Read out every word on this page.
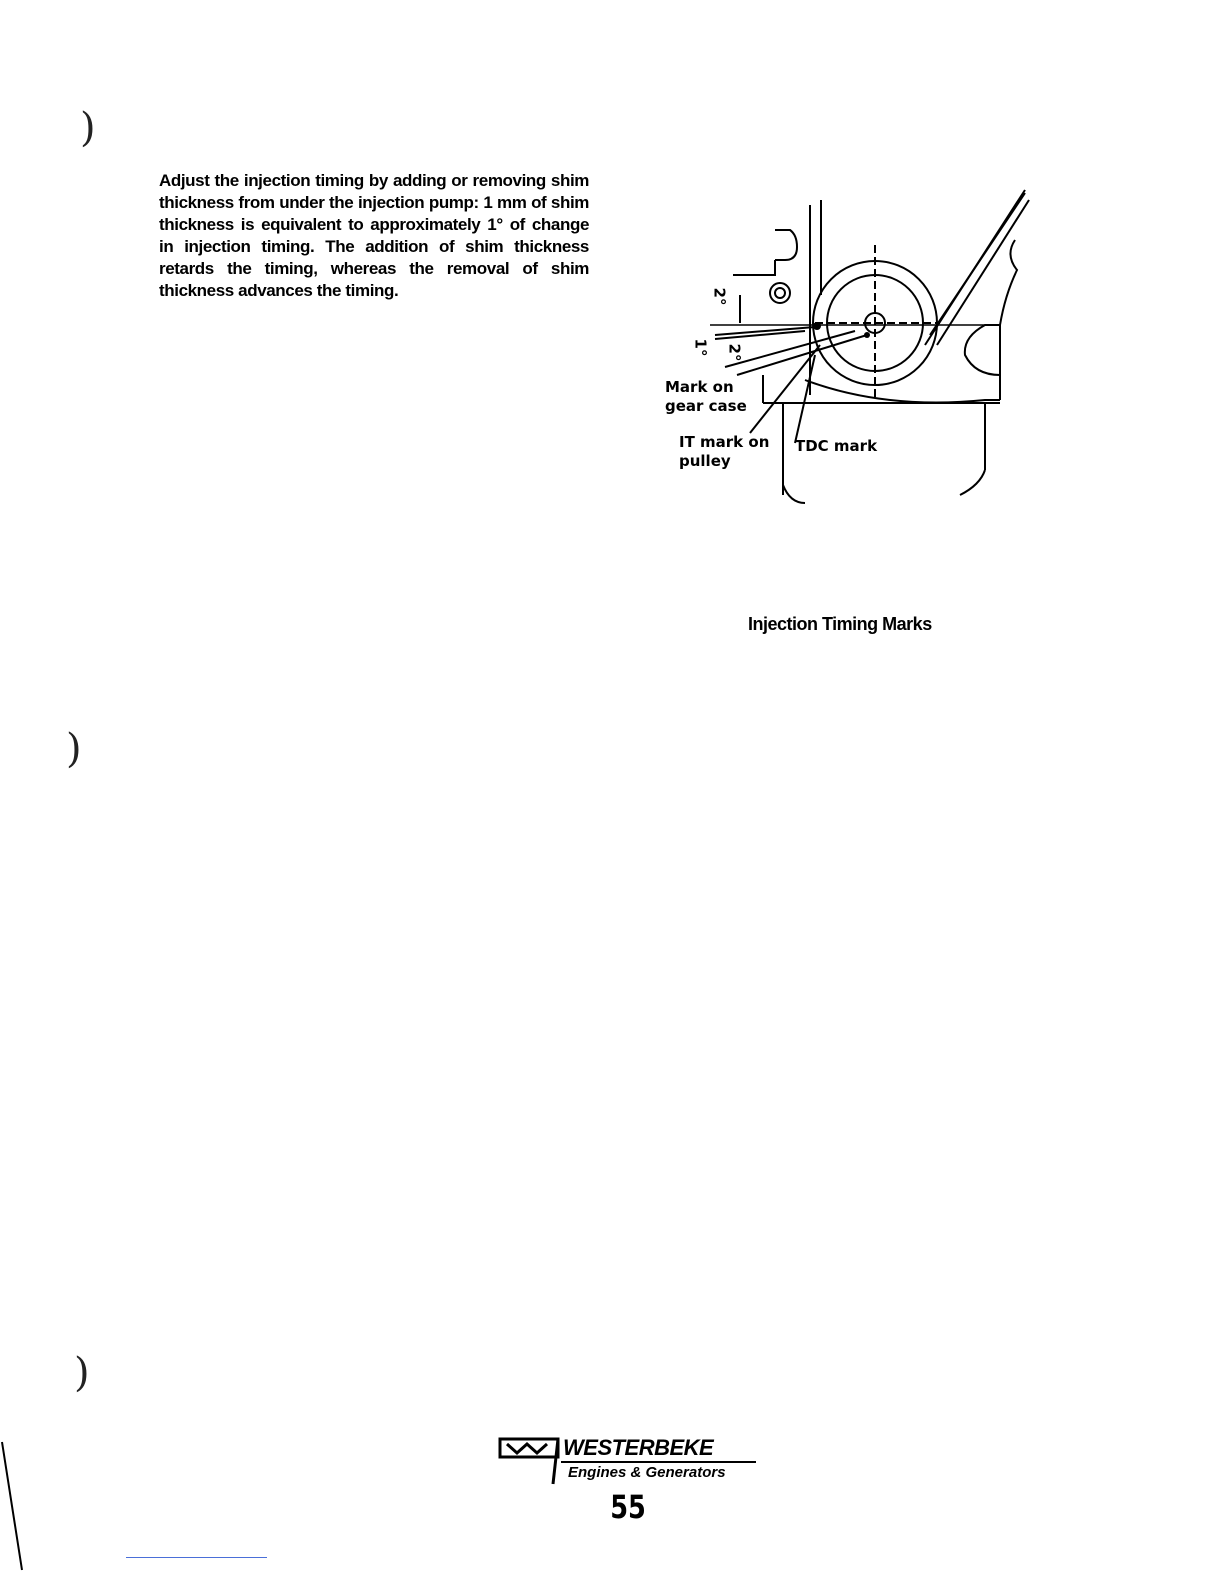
)
)
)
Adjust the injection timing by adding or removing shim thickness from under the injection pump: 1 mm of shim thickness is equivalent to approximately 1° of change in injection timing. The addition of shim thickness retards the timing, whereas the removal of shim thickness advances the timing.	2°
1° 2°
Mark on
gear case
IT mark on
pulley
TDC mark
Injection Timing Marks
WESTERBEKE
Engines & Generators
55
